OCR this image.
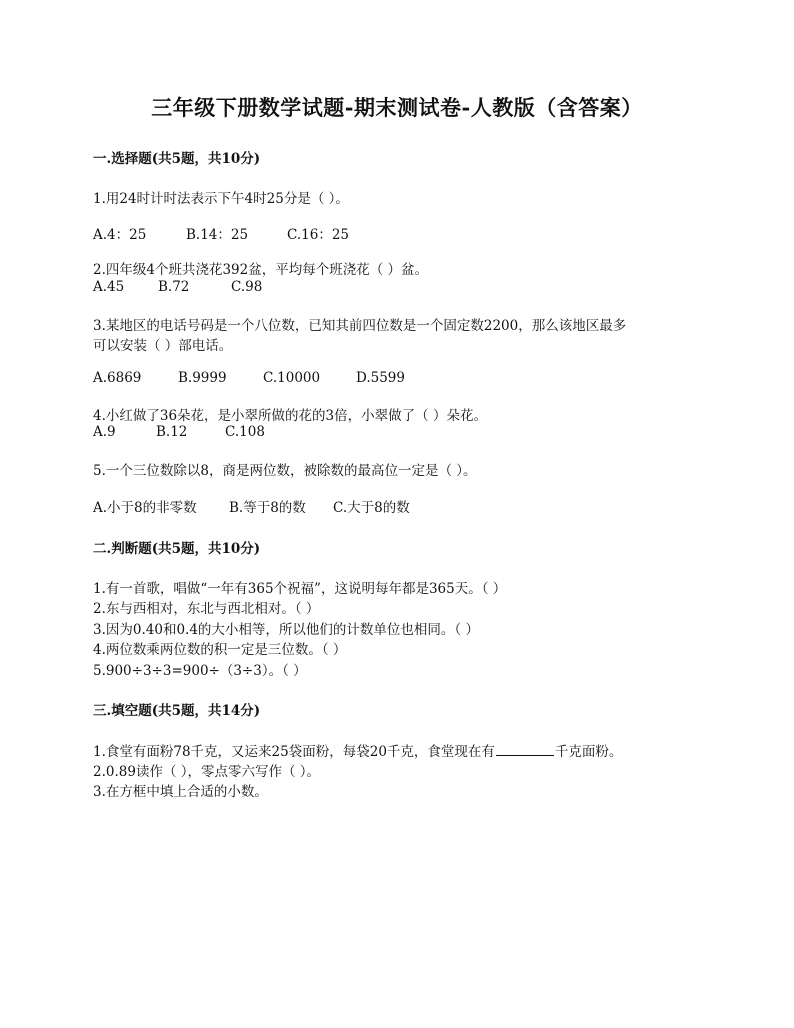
三年级下册数学试题-期末测试卷-人教版（含答案）
一.选择题(共5题，共10分)
1.用24时计时法表示下午4时25分是（ ）。
A.4：25	B.14：25	C.16：25
2.四年级4个班共浇花392盆，平均每个班浇花（ ）盆。
A.45	B.72	C.98
3.某地区的电话号码是一个八位数，已知其前四位数是一个固定数2200，那么该地区最多
可以安装（ ）部电话。
A.6869	B.9999	C.10000	D.5599
4.小红做了36朵花，是小翠所做的花的3倍，小翠做了（ ）朵花。
A.9	B.12	C.108
5.一个三位数除以8，商是两位数，被除数的最高位一定是（ ）。
A.小于8的非零数 B.等于8的数 C.大于8的数
二.判断题(共5题，共10分)
1.有一首歌，唱做“一年有365个祝福”，这说明每年都是365天。（ ）
2.东与西相对，东北与西北相对。（ ）
3.因为0.40和0.4的大小相等，所以他们的计数单位也相同。（ ）
4.两位数乘两位数的积一定是三位数。（ ）
5.900÷3÷3=900÷（3÷3）。（ ）
三.填空题(共5题，共14分)
1.食堂有面粉78千克，又运来25袋面粉，每袋20千克，食堂现在有	千克面粉。
2.0.89读作（ ），零点零六写作（ ）。
3.在方框中填上合适的小数。
